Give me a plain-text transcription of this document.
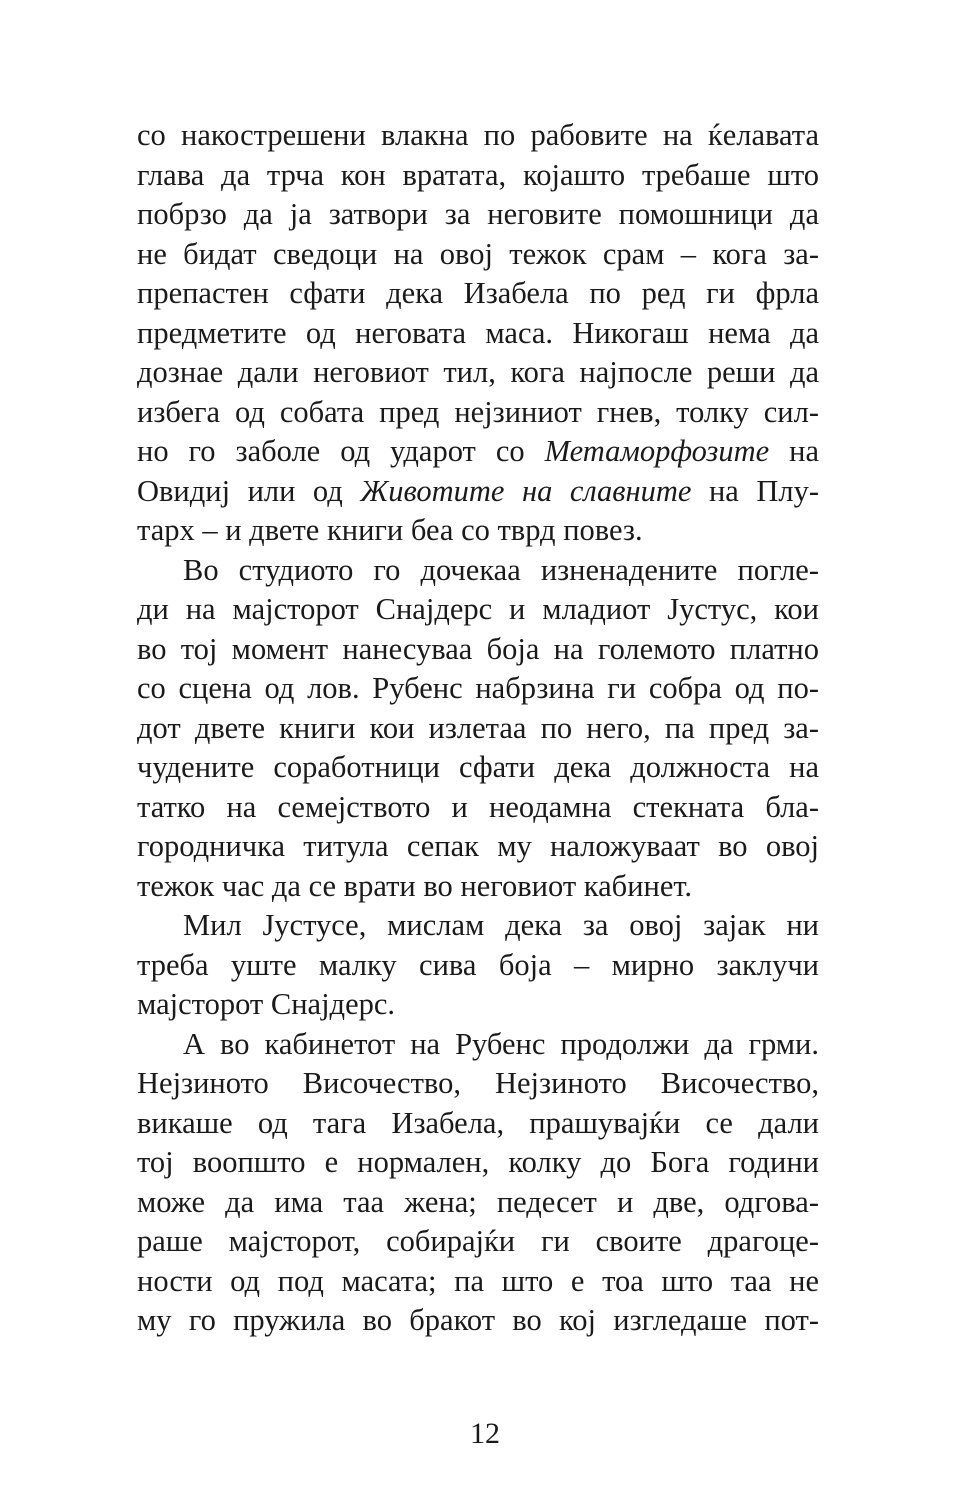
со накострешени влакна по рабовите на ќелавата
глава да трча кон вратата, којашто требаше што
побрзо да ја затвори за неговите помошници да
не бидат сведоци на овој тежок срам – кога за-
препастен сфати дека Изабела по ред ги фрла
предметите од неговата маса. Никогаш нема да
дознае дали неговиот тил, кога најпосле реши да
избега од собата пред нејзиниот гнев, толку сил-
но го заболе од ударот со Метаморфозите на
Овидиј или од Животите на славните на Плу-
тарх – и двете книги беа со тврд повез.
Во студиото го дочекаа изненадените погле-
ди на мајсторот Снајдерс и младиот Јустус, кои
во тој момент нанесуваа боја на големото платно
со сцена од лов. Рубенс набрзина ги собра од по-
дот двете книги кои излетаа по него, па пред за-
чудените соработници сфати дека должноста на
татко на семејството и неодамна стекната бла-
городничка титула сепак му наложуваат во овој
тежок час да се врати во неговиот кабинет.
Мил Јустусе, мислам дека за овој зајак ни
треба уште малку сива боја – мирно заклучи
мајсторот Снајдерс.
А во кабинетот на Рубенс продолжи да грми.
Нејзиното Височество, Нејзиното Височество,
викаше од тага Изабела, прашувајќи се дали
тој воопшто е нормален, колку до Бога години
може да има таа жена; педесет и две, одгова-
раше мајсторот, собирајќи ги своите драгоце-
ности од под масата; па што е тоа што таа не
му го пружила во бракот во кој изгледаше пот-
12
